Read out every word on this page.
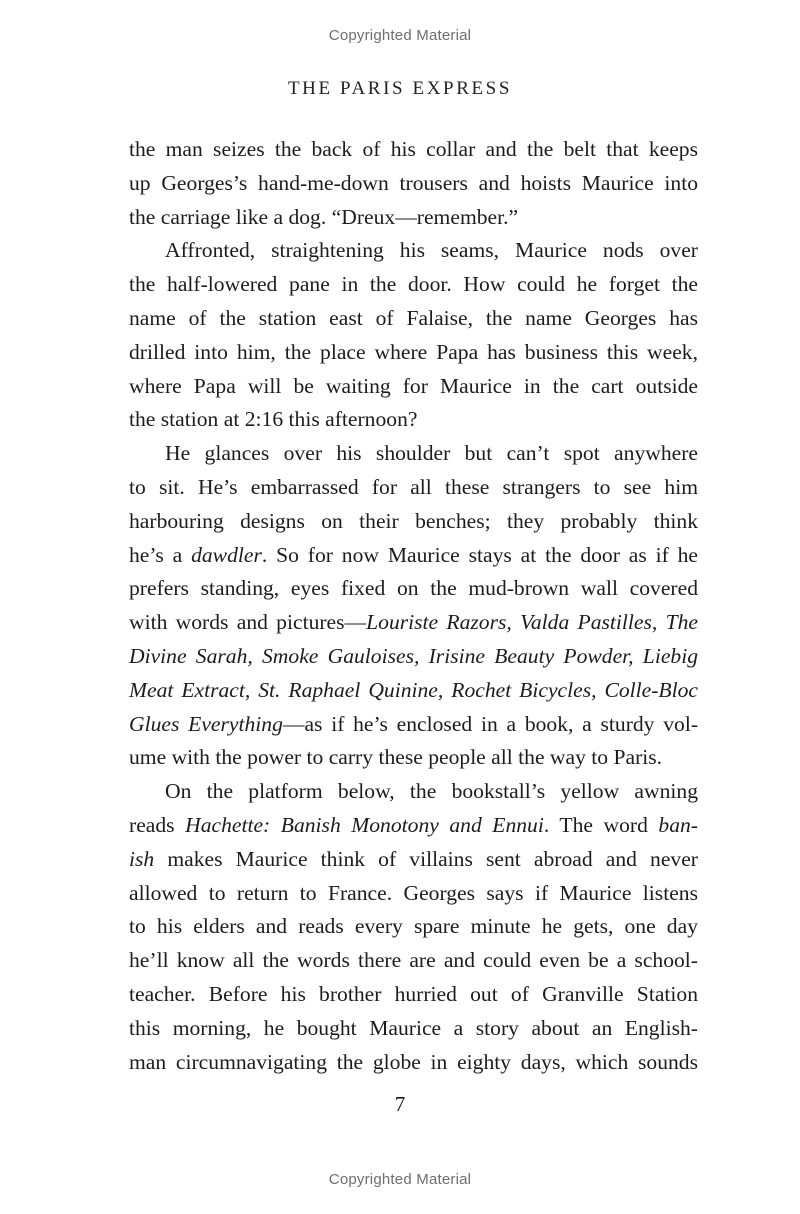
Copyrighted Material
THE PARIS EXPRESS
the man seizes the back of his collar and the belt that keeps
up Georges’s hand-me-down trousers and hoists Maurice into
the carriage like a dog. “Dreux—remember.”
Affronted, straightening his seams, Maurice nods over
the half-lowered pane in the door. How could he forget the
name of the station east of Falaise, the name Georges has
drilled into him, the place where Papa has business this week,
where Papa will be waiting for Maurice in the cart outside
the station at 2:16 this afternoon?
He glances over his shoulder but can’t spot anywhere
to sit. He’s embarrassed for all these strangers to see him
harbouring designs on their benches; they probably think
he’s a dawdler. So for now Maurice stays at the door as if he
prefers standing, eyes fixed on the mud-brown wall covered
with words and pictures—Louriste Razors, Valda Pastilles, The
Divine Sarah, Smoke Gauloises, Irisine Beauty Powder, Liebig
Meat Extract, St. Raphael Quinine, Rochet Bicycles, Colle-Bloc
Glues Everything—as if he’s enclosed in a book, a sturdy vol-
ume with the power to carry these people all the way to Paris.
On the platform below, the bookstall’s yellow awning
reads Hachette: Banish Monotony and Ennui. The word ban-
ish makes Maurice think of villains sent abroad and never
allowed to return to France. Georges says if Maurice listens
to his elders and reads every spare minute he gets, one day
he’ll know all the words there are and could even be a school-
teacher. Before his brother hurried out of Granville Station
this morning, he bought Maurice a story about an English-
man circumnavigating the globe in eighty days, which sounds
7
Copyrighted Material
